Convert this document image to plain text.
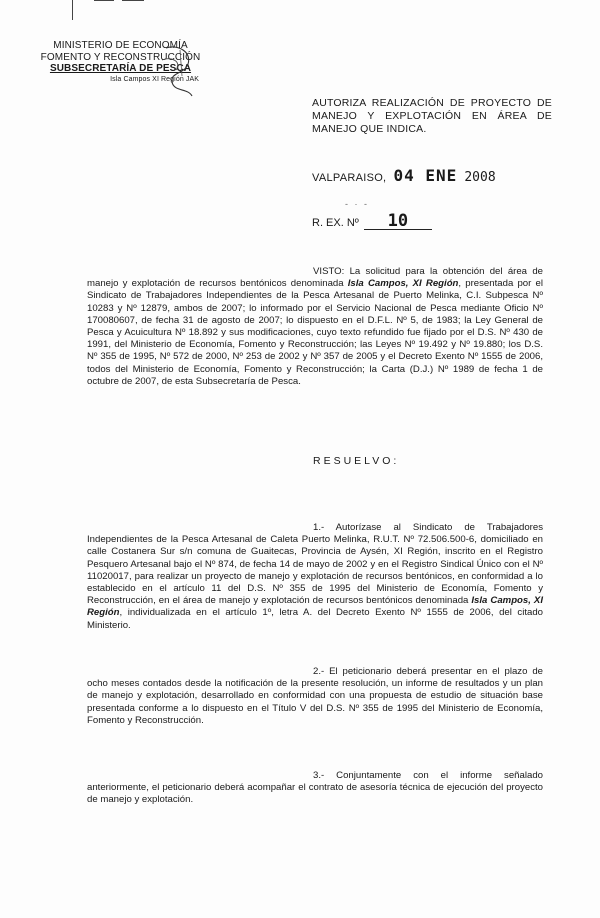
MINISTERIO DE ECONOMÍA
FOMENTO Y RECONSTRUCCIÓN
SUBSECRETARÍA DE PESCA
Isla Campos XI Región JAK
AUTORIZA REALIZACIÓN DE PROYECTO DE MANEJO Y EXPLOTACIÓN EN ÁREA DE MANEJO QUE INDICA.
VALPARAISO, 04 ENE 2008
- · -
R. EX. Nº 10
VISTO: La solicitud para la obtención del área de manejo y explotación de recursos bentónicos denominada Isla Campos, XI Región, presentada por el Sindicato de Trabajadores Independientes de la Pesca Artesanal de Puerto Melinka, C.I. Subpesca Nº 10283 y Nº 12879, ambos de 2007; lo informado por el Servicio Nacional de Pesca mediante Oficio Nº 170080607, de fecha 31 de agosto de 2007; lo dispuesto en el D.F.L. Nº 5, de 1983; la Ley General de Pesca y Acuicultura Nº 18.892 y sus modificaciones, cuyo texto refundido fue fijado por el D.S. Nº 430 de 1991, del Ministerio de Economía, Fomento y Reconstrucción; las Leyes Nº 19.492 y Nº 19.880; los D.S. Nº 355 de 1995, Nº 572 de 2000, Nº 253 de 2002 y Nº 357 de 2005 y el Decreto Exento Nº 1555 de 2006, todos del Ministerio de Economía, Fomento y Reconstrucción; la Carta (D.J.) Nº 1989 de fecha 1 de octubre de 2007, de esta Subsecretaría de Pesca.
RESUELVO:
1.- Autorízase al Sindicato de Trabajadores Independientes de la Pesca Artesanal de Caleta Puerto Melinka, R.U.T. Nº 72.506.500-6, domiciliado en calle Costanera Sur s/n comuna de Guaitecas, Provincia de Aysén, XI Región, inscrito en el Registro Pesquero Artesanal bajo el Nº 874, de fecha 14 de mayo de 2002 y en el Registro Sindical Único con el Nº 11020017, para realizar un proyecto de manejo y explotación de recursos bentónicos, en conformidad a lo establecido en el artículo 11 del D.S. Nº 355 de 1995 del Ministerio de Economía, Fomento y Reconstrucción, en el área de manejo y explotación de recursos bentónicos denominada Isla Campos, XI Región, individualizada en el artículo 1º, letra A. del Decreto Exento Nº 1555 de 2006, del citado Ministerio.
2.- El peticionario deberá presentar en el plazo de ocho meses contados desde la notificación de la presente resolución, un informe de resultados y un plan de manejo y explotación, desarrollado en conformidad con una propuesta de estudio de situación base presentada conforme a lo dispuesto en el Título V del D.S. Nº 355 de 1995 del Ministerio de Economía, Fomento y Reconstrucción.
3.- Conjuntamente con el informe señalado anteriormente, el peticionario deberá acompañar el contrato de asesoría técnica de ejecución del proyecto de manejo y explotación.
